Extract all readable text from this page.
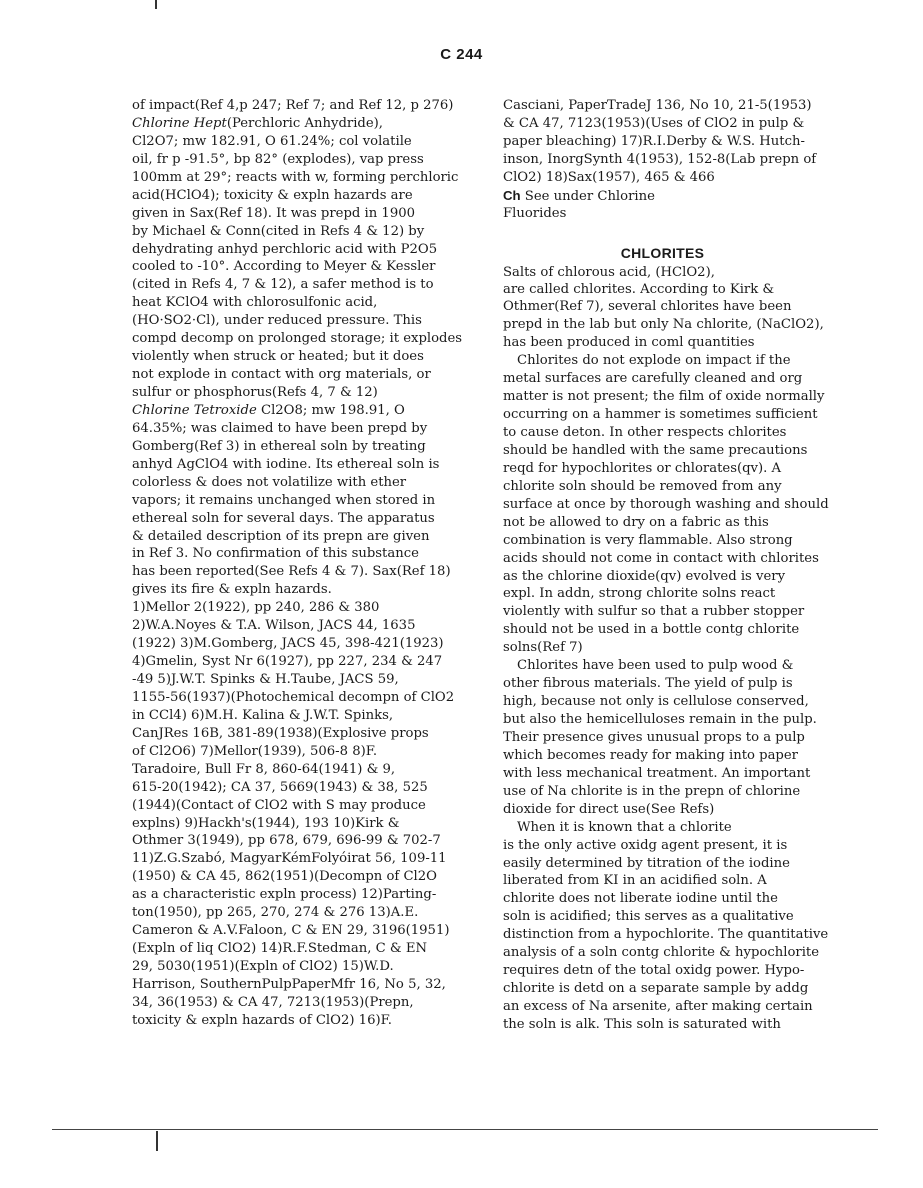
C 244
of impact(Ref 4,p 247; Ref 7; and Ref 12, p 276)
Chlorine Hept(Perchloric Anhydride),
Cl2O7; mw 182.91, O 61.24%; col volatile
oil, fr p -91.5°, bp 82° (explodes), vap press
100mm at 29°; reacts with w, forming perchloric
acid(HClO4); toxicity & expln hazards are
given in Sax(Ref 18). It was prepd in 1900
by Michael & Conn(cited in Refs 4 & 12) by
dehydrating anhyd perchloric acid with P2O5
cooled to -10°. According to Meyer & Kessler
(cited in Refs 4, 7 & 12), a safer method is to
heat KClO4 with chlorosulfonic acid,
(HO·SO2·Cl), under reduced pressure. This
compd decomp on prolonged storage; it explodes
violently when struck or heated; but it does
not explode in contact with org materials, or
sulfur or phosphorus(Refs 4, 7 & 12)
Chlorine Tetroxide Cl2O8; mw 198.91, O
64.35%; was claimed to have been prepd by
Gomberg(Ref 3) in ethereal soln by treating
anhyd AgClO4 with iodine. Its ethereal soln is
colorless & does not volatilize with ether
vapors; it remains unchanged when stored in
ethereal soln for several days. The apparatus
& detailed description of its prepn are given
in Ref 3. No confirmation of this substance
has been reported(See Refs 4 & 7). Sax(Ref 18)
gives its fire & expln hazards.
1)Mellor 2(1922), pp 240, 286 & 380
2)W.A.Noyes & T.A. Wilson, JACS 44, 1635
(1922) 3)M.Gomberg, JACS 45, 398-421(1923)
4)Gmelin, Syst Nr 6(1927), pp 227, 234 & 247
-49 5)J.W.T. Spinks & H.Taube, JACS 59,
1155-56(1937)(Photochemical decompn of ClO2
in CCl4) 6)M.H. Kalina & J.W.T. Spinks,
CanJRes 16B, 381-89(1938)(Explosive props
of Cl2O6) 7)Mellor(1939), 506-8 8)F.
Taradoire, Bull Fr 8, 860-64(1941) & 9,
615-20(1942); CA 37, 5669(1943) & 38, 525
(1944)(Contact of ClO2 with S may produce
explns) 9)Hackh's(1944), 193 10)Kirk &
Othmer 3(1949), pp 678, 679, 696-99 & 702-7
11)Z.G.Szabó, MagyarKémFolyóirat 56, 109-11
(1950) & CA 45, 862(1951)(Decompn of Cl2O
as a characteristic expln process) 12)Parting-
ton(1950), pp 265, 270, 274 & 276 13)A.E.
Cameron & A.V.Faloon, C & EN 29, 3196(1951)
(Expln of liq ClO2) 14)R.F.Stedman, C & EN
29, 5030(1951)(Expln of ClO2) 15)W.D.
Harrison, SouthernPulpPaperMfr 16, No 5, 32,
34, 36(1953) & CA 47, 7213(1953)(Prepn,
toxicity & expln hazards of ClO2) 16)F.
Casciani, PaperTradeJ 136, No 10, 21-5(1953)
& CA 47, 7123(1953)(Uses of ClO2 in pulp &
paper bleaching) 17)R.I.Derby & W.S. Hutch-
inson, InorgSynth 4(1953), 152-8(Lab prepn of
ClO2) 18)Sax(1957), 465 & 466
Ch See under Chlorine
Fluorides
CHLORITES
Salts of chlorous acid, (HClO2),
are called chlorites. According to Kirk &
Othmer(Ref 7), several chlorites have been
prepd in the lab but only Na chlorite, (NaClO2),
has been produced in coml quantities
Chlorites do not explode on impact if the
metal surfaces are carefully cleaned and org
matter is not present; the film of oxide normally
occurring on a hammer is sometimes sufficient
to cause deton. In other respects chlorites
should be handled with the same precautions
reqd for hypochlorites or chlorates(qv). A
chlorite soln should be removed from any
surface at once by thorough washing and should
not be allowed to dry on a fabric as this
combination is very flammable. Also strong
acids should not come in contact with chlorites
as the chlorine dioxide(qv) evolved is very
expl. In addn, strong chlorite solns react
violently with sulfur so that a rubber stopper
should not be used in a bottle contg chlorite
solns(Ref 7)
Chlorites have been used to pulp wood &
other fibrous materials. The yield of pulp is
high, because not only is cellulose conserved,
but also the hemicelluloses remain in the pulp.
Their presence gives unusual props to a pulp
which becomes ready for making into paper
with less mechanical treatment. An important
use of Na chlorite is in the prepn of chlorine
dioxide for direct use(See Refs)
When it is known that a chlorite
is the only active oxidg agent present, it is
easily determined by titration of the iodine
liberated from KI in an acidified soln. A
chlorite does not liberate iodine until the
soln is acidified; this serves as a qualitative
distinction from a hypochlorite. The quantitative
analysis of a soln contg chlorite & hypochlorite
requires detn of the total oxidg power. Hypo-
chlorite is detd on a separate sample by addg
an excess of Na arsenite, after making certain
the soln is alk. This soln is saturated with
